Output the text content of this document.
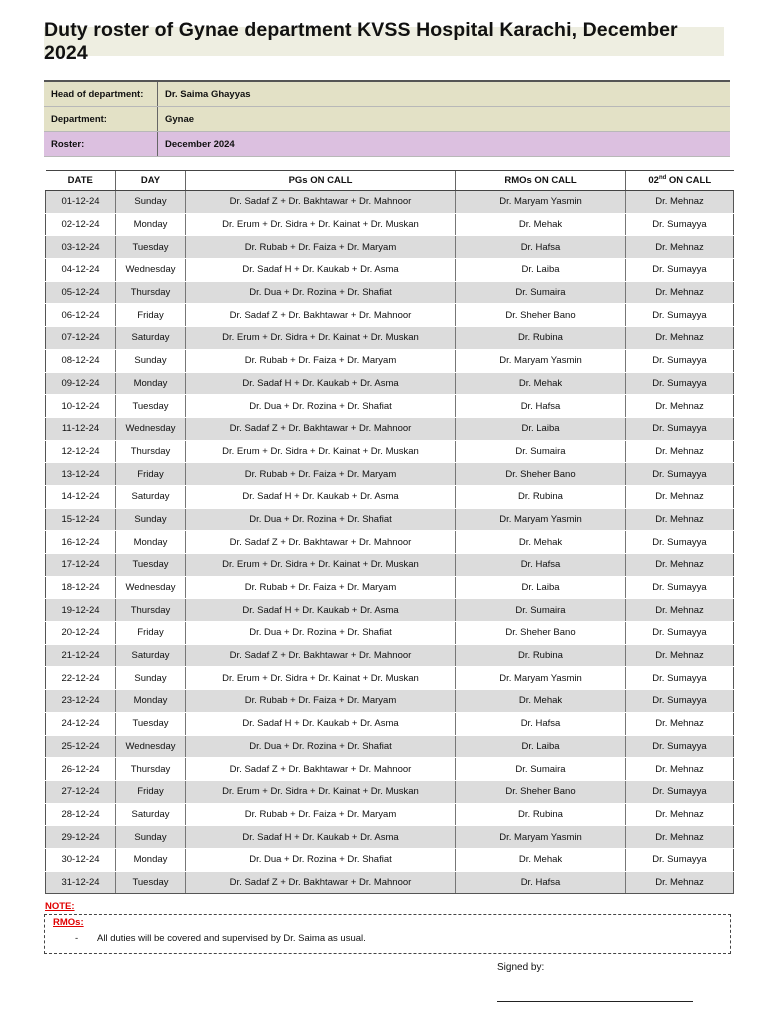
Duty roster of Gynae department KVSS Hospital Karachi, December 2024
Head of department:	Dr. Saima Ghayyas
Department:	Gynae
Roster:	December 2024
DATE	DAY	PGs ON CALL	RMOs ON CALL	02nd ON CALL
01-12-24	Sunday	Dr. Sadaf Z + Dr. Bakhtawar + Dr. Mahnoor	Dr. Maryam Yasmin	Dr. Mehnaz
02-12-24	Monday	Dr. Erum + Dr. Sidra + Dr. Kainat + Dr. Muskan	Dr. Mehak	Dr. Sumayya
03-12-24	Tuesday	Dr. Rubab + Dr. Faiza + Dr. Maryam	Dr. Hafsa	Dr. Mehnaz
04-12-24	Wednesday	Dr. Sadaf H + Dr. Kaukab + Dr. Asma	Dr. Laiba	Dr. Sumayya
05-12-24	Thursday	Dr. Dua + Dr. Rozina + Dr. Shafiat	Dr. Sumaira	Dr. Mehnaz
06-12-24	Friday	Dr. Sadaf Z + Dr. Bakhtawar + Dr. Mahnoor	Dr. Sheher Bano	Dr. Sumayya
07-12-24	Saturday	Dr. Erum + Dr. Sidra + Dr. Kainat + Dr. Muskan	Dr. Rubina	Dr. Mehnaz
08-12-24	Sunday	Dr. Rubab + Dr. Faiza + Dr. Maryam	Dr. Maryam Yasmin	Dr. Sumayya
09-12-24	Monday	Dr. Sadaf H + Dr. Kaukab + Dr. Asma	Dr. Mehak	Dr. Sumayya
10-12-24	Tuesday	Dr. Dua + Dr. Rozina + Dr. Shafiat	Dr. Hafsa	Dr. Mehnaz
11-12-24	Wednesday	Dr. Sadaf Z + Dr. Bakhtawar + Dr. Mahnoor	Dr. Laiba	Dr. Sumayya
12-12-24	Thursday	Dr. Erum + Dr. Sidra + Dr. Kainat + Dr. Muskan	Dr. Sumaira	Dr. Mehnaz
13-12-24	Friday	Dr. Rubab + Dr. Faiza + Dr. Maryam	Dr. Sheher Bano	Dr. Sumayya
14-12-24	Saturday	Dr. Sadaf H + Dr. Kaukab + Dr. Asma	Dr. Rubina	Dr. Mehnaz
15-12-24	Sunday	Dr. Dua + Dr. Rozina + Dr. Shafiat	Dr. Maryam Yasmin	Dr. Mehnaz
16-12-24	Monday	Dr. Sadaf Z + Dr. Bakhtawar + Dr. Mahnoor	Dr. Mehak	Dr. Sumayya
17-12-24	Tuesday	Dr. Erum + Dr. Sidra + Dr. Kainat + Dr. Muskan	Dr. Hafsa	Dr. Mehnaz
18-12-24	Wednesday	Dr. Rubab + Dr. Faiza + Dr. Maryam	Dr. Laiba	Dr. Sumayya
19-12-24	Thursday	Dr. Sadaf H + Dr. Kaukab + Dr. Asma	Dr. Sumaira	Dr. Mehnaz
20-12-24	Friday	Dr. Dua + Dr. Rozina + Dr. Shafiat	Dr. Sheher Bano	Dr. Sumayya
21-12-24	Saturday	Dr. Sadaf Z + Dr. Bakhtawar + Dr. Mahnoor	Dr. Rubina	Dr. Mehnaz
22-12-24	Sunday	Dr. Erum + Dr. Sidra + Dr. Kainat + Dr. Muskan	Dr. Maryam Yasmin	Dr. Sumayya
23-12-24	Monday	Dr. Rubab + Dr. Faiza + Dr. Maryam	Dr. Mehak	Dr. Sumayya
24-12-24	Tuesday	Dr. Sadaf H + Dr. Kaukab + Dr. Asma	Dr. Hafsa	Dr. Mehnaz
25-12-24	Wednesday	Dr. Dua + Dr. Rozina + Dr. Shafiat	Dr. Laiba	Dr. Sumayya
26-12-24	Thursday	Dr. Sadaf Z + Dr. Bakhtawar + Dr. Mahnoor	Dr. Sumaira	Dr. Mehnaz
27-12-24	Friday	Dr. Erum + Dr. Sidra + Dr. Kainat + Dr. Muskan	Dr. Sheher Bano	Dr. Sumayya
28-12-24	Saturday	Dr. Rubab + Dr. Faiza + Dr. Maryam	Dr. Rubina	Dr. Mehnaz
29-12-24	Sunday	Dr. Sadaf H + Dr. Kaukab + Dr. Asma	Dr. Maryam Yasmin	Dr. Mehnaz
30-12-24	Monday	Dr. Dua + Dr. Rozina + Dr. Shafiat	Dr. Mehak	Dr. Sumayya
31-12-24	Tuesday	Dr. Sadaf Z + Dr. Bakhtawar + Dr. Mahnoor	Dr. Hafsa	Dr. Mehnaz
NOTE:
RMOs:
- All duties will be covered and supervised by Dr. Saima as usual.
Signed by:
